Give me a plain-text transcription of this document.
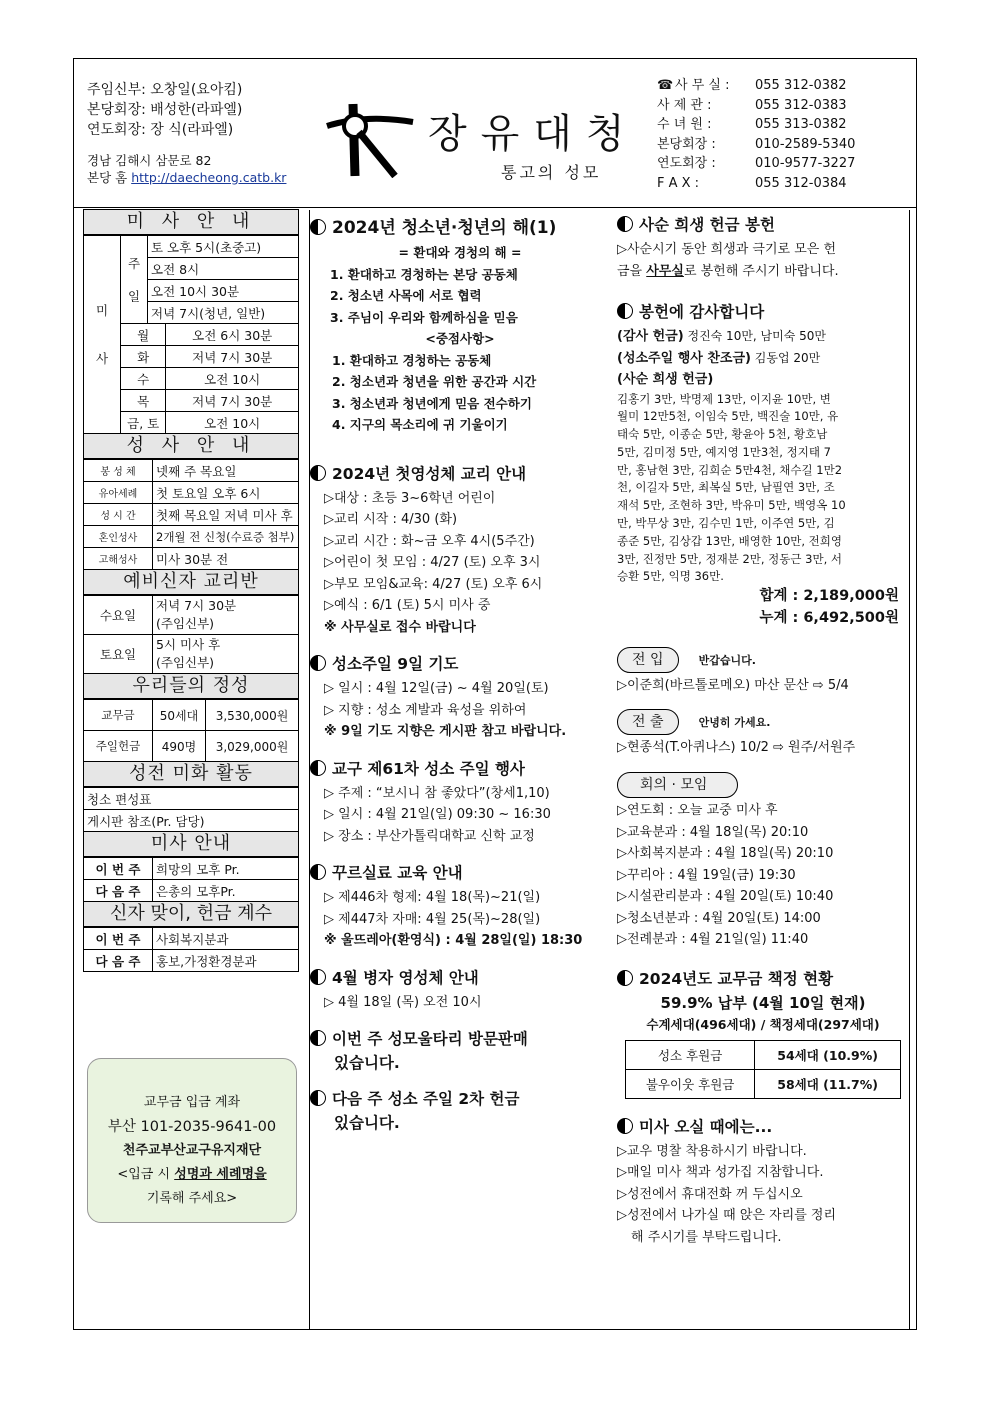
주임신부: 오창일(요아킴)
본당회장: 배성한(라파엘)
연도회장: 장 식(라파엘)
경남 김해시 삼문로 82
본당 홈 http://daecheong.catb.kr
장유대청
통고의 성모
☎ 사 무 실 :	055 312-0382
사 제 관 :	055 312-0383
수 녀 원 :	055 313-0382
본당회장 :	010-2589-5340
연도회장 :	010-9577-3227
F A X :	055 312-0384
미 사 안 내
미
사	주

일	토 오후 5시(초중고)	
		오전 8시	
		오전 10시 30분	
		저녁 7시(청년, 일반)	
	월		오전 6시 30분
	화		저녁 7시 30분
	수		오전 10시
	목		저녁 7시 30분
	금, 토		오전 10시
성 사 안 내
봉 성 체	넷째 주 목요일
유아세례	첫 토요일 오후 6시
성 시 간	첫째 목요일 저녁 미사 후
혼인성사	2개월 전 신청(수료증 첨부)
고해성사	미사 30분 전
예비신자 교리반
수요일	저녁 7시 30분
(주임신부)
토요일	5시 미사 후
(주임신부)
우리들의 정성
교무금	50세대	3,530,000원
주일헌금	490명	3,029,000원
성전 미화 활동
청소 편성표
게시판 참조(Pr. 담당)
미사 안내
이 번 주	희망의 모후 Pr.
다 음 주	은총의 모후Pr.
신자 맞이, 헌금 계수
이 번 주	사회복지분과
다 음 주	홍보,가정환경분과
교무금 입금 계좌
부산 101-2035-9641-00
천주교부산교구유지재단
<입금 시 성명과 세례명을
기록해 주세요>
2024년 청소년·청년의 해(1)
= 환대와 경청의 해 =
1. 환대하고 경청하는 본당 공동체
2. 청소년 사목에 서로 협력
3. 주님이 우리와 함께하심을 믿음
<중점사항>
1. 환대하고 경청하는 공동체
2. 청소년과 청년을 위한 공간과 시간
3. 청소년과 청년에게 믿음 전수하기
4. 지구의 목소리에 귀 기울이기
2024년 첫영성체 교리 안내
▷대상 : 초등 3~6학년 어린이
▷교리 시작 : 4/30 (화)
▷교리 시간 : 화~금 오후 4시(5주간)
▷어린이 첫 모임 : 4/27 (토) 오후 3시
▷부모 모임&교육: 4/27 (토) 오후 6시
▷예식 : 6/1 (토) 5시 미사 중
※ 사무실로 접수 바랍니다
성소주일 9일 기도
▷ 일시 : 4월 12일(금) ~ 4월 20일(토)
▷ 지향 : 성소 계발과 육성을 위하여
※ 9일 기도 지향은 게시판 참고 바랍니다.
교구 제61차 성소 주일 행사
▷ 주제 : “보시니 참 좋았다”(창세1,10)
▷ 일시 : 4월 21일(일) 09:30 ~ 16:30
▷ 장소 : 부산가톨릭대학교 신학 교정
꾸르실료 교육 안내
▷ 제446차 형제: 4월 18(목)~21(일)
▷ 제447차 자매: 4월 25(목)~28(일)
※ 울뜨레아(환영식) : 4월 28일(일) 18:30
4월 병자 영성체 안내
▷ 4월 18일 (목) 오전 10시
이번 주 성모울타리 방문판매
있습니다.
다음 주 성소 주일 2차 헌금
있습니다.
사순 희생 헌금 봉헌
▷사순시기 동안 희생과 극기로 모은 헌
금을 사무실로 봉헌해 주시기 바랍니다.
봉헌에 감사합니다
(감사 헌금) 정진숙 10만, 남미숙 50만
(성소주일 행사 찬조금) 김동업 20만
(사순 희생 헌금)
김홍기 3만, 박명제 13만, 이지윤 10만, 변
월미 12만5천, 이임숙 5만, 백진술 10만, 유
태숙 5만, 이종순 5만, 황윤아 5천, 황호남
5만, 김미정 5만, 예지영 1만3천, 정지태 7
만, 홍남현 3만, 김희순 5만4천, 채수길 1만2
천, 이길자 5만, 최복실 5만, 남필연 3만, 조
재석 5만, 조현하 3만, 박유미 5만, 백영옥 10
만, 박무상 3만, 김수민 1만, 이주연 5만, 김
종준 5만, 김상갑 13만, 배영한 10만, 전희영
3만, 진정만 5만, 정재분 2만, 정동근 3만, 서
승환 5만, 익명 36만.
합계 : 2,189,000원
누계 : 6,492,500원
전 입	반갑습니다.
▷이준희(바르톨로메오) 마산 문산 ⇨ 5/4
전 출	안녕히 가세요.
▷현종석(T.아퀴나스) 10/2 ⇨ 원주/서원주
회의 · 모임
▷연도회 : 오늘 교중 미사 후
▷교육분과 : 4월 18일(목) 20:10
▷사회복지분과 : 4월 18일(목) 20:10
▷꾸리아 : 4월 19일(금) 19:30
▷시설관리분과 : 4월 20일(토) 10:40
▷청소년분과 : 4월 20일(토) 14:00
▷전례분과 : 4월 21일(일) 11:40
2024년도 교무금 책정 현황
59.9% 납부 (4월 10일 현재)
수계세대(496세대) / 책정세대(297세대)
성소 후원금	54세대 (10.9%)
불우이웃 후원금	58세대 (11.7%)
미사 오실 때에는...
▷교우 명찰 착용하시기 바랍니다.
▷매일 미사 책과 성가집 지참합니다.
▷성전에서 휴대전화 꺼 두십시오
▷성전에서 나가실 때 앉은 자리를 정리
해 주시기를 부탁드립니다.
